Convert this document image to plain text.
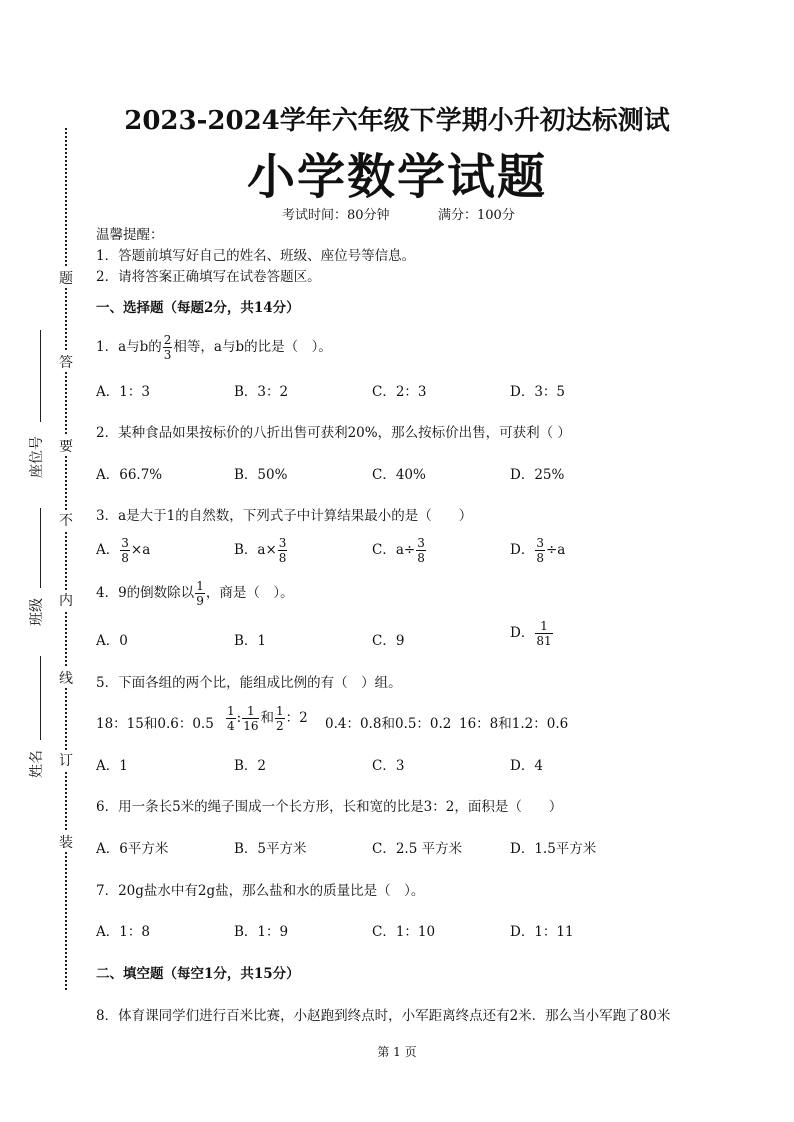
题
答
要
不
内
线
订
装
座位号
班级
姓名
2023-2024学年六年级下学期小升初达标测试
小学数学试题
考试时间：80分钟	满分：100分
温馨提醒：
1．答题前填写好自己的姓名、班级、座位号等信息。
2．请将答案正确填写在试卷答题区。
一、选择题（每题2分，共14分）
1．a与b的 $\frac{2}{3}$ 相等，a与b的比是（　）。
A．1：3	B．3：2	C．2：3	D．3：5
2．某种食品如果按标价的八折出售可获利20%，那么按标价出售，可获利（ ）
A．66.7%	B．50%	C．40%	D．25%
3．a是大于1的自然数，下列式子中计算结果最小的是（　　）
A． $\frac{3}{8} \times a$	B．$a\times \frac{3}{8}$	C．$a\div \frac{3}{8}$	D． $\frac{3}{8} \div a$
4．9的倒数除以 $\frac{1}{9}$ ，商是（　）。
A．0	B．1	C．9	D． $\frac{1}{81}$
5．下面各组的两个比，能组成比例的有（　）组。
18：15和0.6：$0.5 \frac{1}{4}$ : $\frac{1}{16}$ 和 $\frac{1}{2}$ ：2 0.4：0.8和0.5：0.2 16：8和1.2：0.6
A．1	B．2	C．3	D．4
6．用一条长5米的绳子围成一个长方形，长和宽的比是3：2，面积是（　　）
A．6平方米	B．5平方米	C．2.5 平方米	D．1.5平方米
7．20g盐水中有2g盐，那么盐和水的质量比是（　）。
A．1：8	B．1：9	C．1：10	D．1：11
二、填空题（每空1分，共15分）
8．体育课同学们进行百米比赛，小赵跑到终点时，小军距离终点还有2米．那么当小军跑了80米
第 1 页
